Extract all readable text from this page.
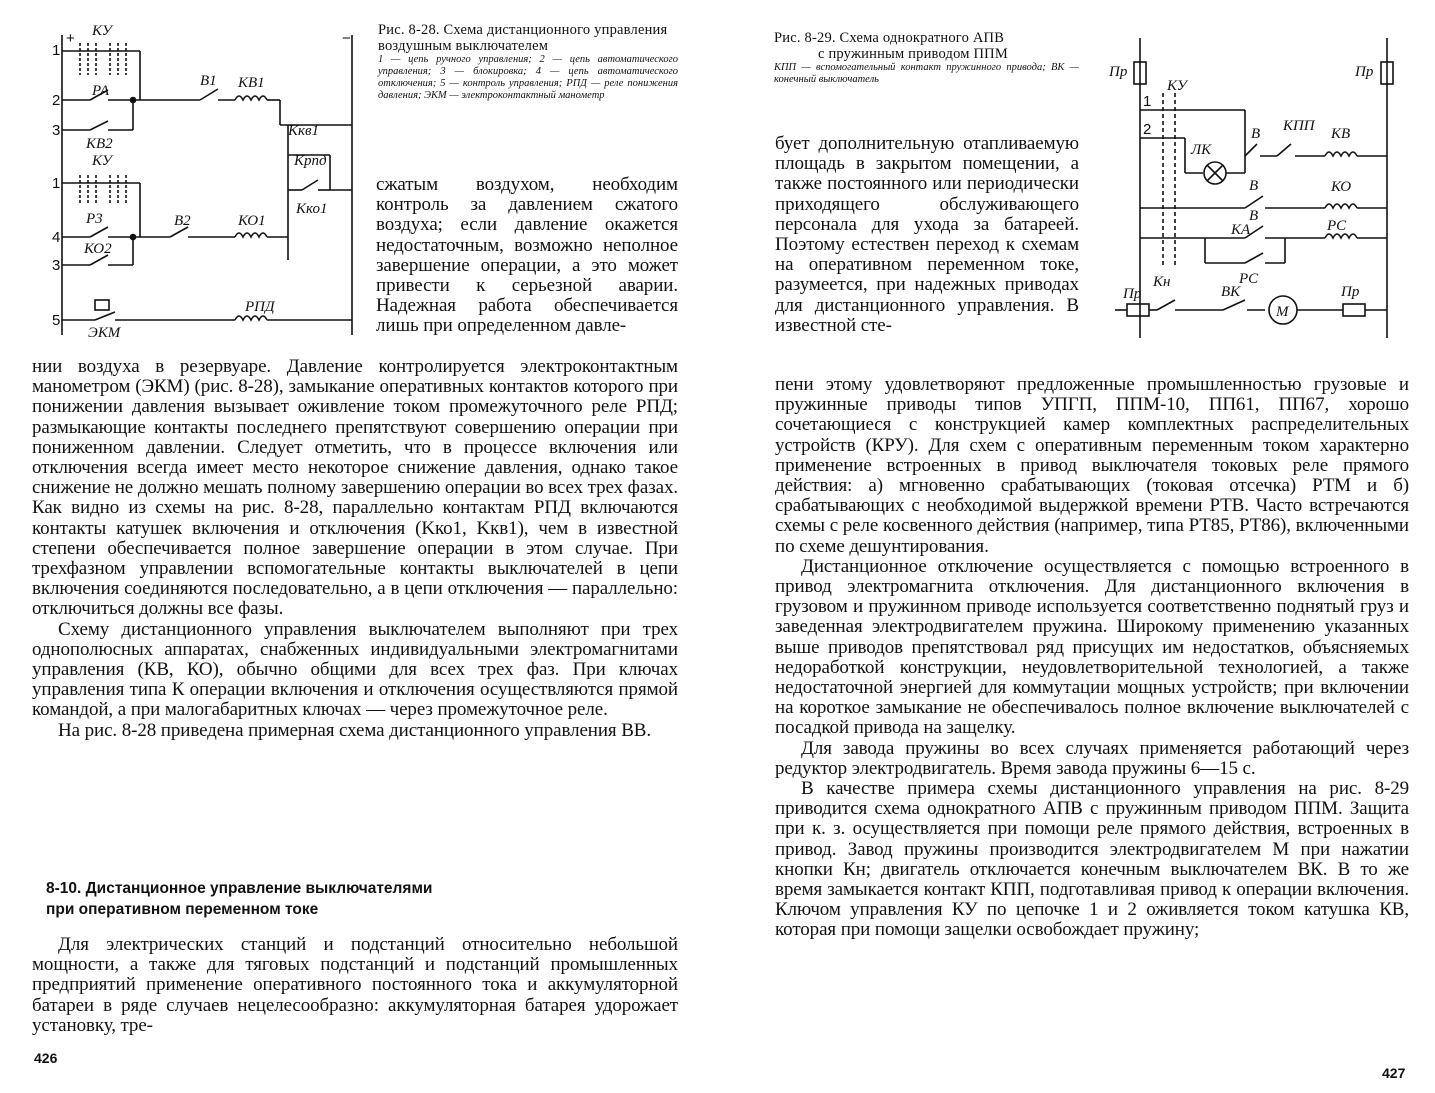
КУ
РА
КВ2
КУ
В1 КВ1
Kкв1
Kрпд
Kко1
Р3
КО2
В2	КО1
ЭКМ
РПД
1
+	−
2
3
1
4
3
5
Рис. 8-28. Схема дистанционного управления воздушным выключателем
1 — цепь ручного управления; 2 — цепь автоматического управления; 3 — блокировка; 4 — цепь автоматического отключения; 5 — контроль управления; РПД — реле понижения давления; ЭКМ — электроконтактный манометр

сжатым воздухом, необходим контроль за давлением сжатого воздуха; если давление окажется недостаточным, возможно неполное завершение операции, а это может привести к серьезной аварии. Надежная работа обеспечивается лишь при определенном давле-

нии воздуха в резервуаре. Давление контролируется электроконтактным манометром (ЭКМ) (рис. 8-28), замыкание оперативных контактов которого при понижении давления вызывает оживление током промежуточного реле РПД; размыкающие контакты последнего препятствуют совершению операции при пониженном давлении. Следует отметить, что в процессе включения или отключения всегда имеет место некоторое снижение давления, однако такое снижение не должно мешать полному завершению операции во всех трех фазах. Как видно из схемы на рис. 8-28, параллельно контактам РПД включаются контакты катушек включения и отключения (Kко1, Kкв1), чем в известной степени обеспечивается полное завершение операции в этом случае. При трехфазном управлении вспомогательные контакты выключателей в цепи включения соединяются последовательно, а в цепи отключения — параллельно: отключиться должны все фазы.

Схему дистанционного управления выключателем выполняют при трех однополюсных аппаратах, снабженных индивидуальными электромагнитами управления (КВ, КО), обычно общими для всех трех фаз. При ключах управления типа К операции включения и отключения осуществляются прямой командой, а при малогабаритных ключах — через промежуточное реле.

На рис. 8-28 приведена примерная схема дистанционного управления ВВ.

8-10. Дистанционное управление выключателями
при оперативном переменном токе

Для электрических станций и подстанций относительно небольшой мощности, а также для тяговых подстанций и подстанций промышленных предприятий применение оперативного постоянного тока и аккумуляторной батареи в ряде случаев нецелесообразно: аккумуляторная батарея удорожает установку, тре-

426
Рис. 8-29. Схема однократного АПВ
с пружинным приводом ППМ
КПП — вспомогательный контакт пружинного привода; ВК — конечный выключатель	Пр	Пр
КУ
1
2	В КПП КВ
ЛК
В	КО
В
КА	РС
РС
Пр
Кн
ВК
М
Пр

бует дополнительную отапливаемую площадь в закрытом помещении, а также постоянного или периодически приходящего обслуживающего персонала для ухода за батареей. Поэтому естествен переход к схемам на оперативном переменном токе, разумеется, при надежных приводах для дистанционного управления. В известной сте-

пени этому удовлетворяют предложенные промышленностью грузовые и пружинные приводы типов УПГП, ППМ-10, ПП61, ПП67, хорошо сочетающиеся с конструкцией камер комплектных распределительных устройств (КРУ). Для схем с оперативным переменным током характерно применение встроенных в привод выключателя токовых реле прямого действия: а) мгновенно срабатывающих (токовая отсечка) РТМ и б) срабатывающих с необходимой выдержкой времени РТВ. Часто встречаются схемы с реле косвенного действия (например, типа РТ85, РТ86), включенными по схеме дешунтирования.

Дистанционное отключение осуществляется с помощью встроенного в привод электромагнита отключения. Для дистанционного включения в грузовом и пружинном приводе используется соответственно поднятый груз и заведенная электродвигателем пружина. Широкому применению указанных выше приводов препятствовал ряд присущих им недостатков, объясняемых недоработкой конструкции, неудовлетворительной технологией, а также недостаточной энергией для коммутации мощных устройств; при включении на короткое замыкание не обеспечивалось полное включение выключателей с посадкой привода на защелку.

Для завода пружины во всех случаях применяется работающий через редуктор электродвигатель. Время завода пружины 6—15 с.

В качестве примера схемы дистанционного управления на рис. 8-29 приводится схема однократного АПВ с пружинным приводом ППМ. Защита при к. з. осуществляется при помощи реле прямого действия, встроенных в привод. Завод пружины производится электродвигателем М при нажатии кнопки Кн; двигатель отключается конечным выключателем ВК. В то же время замыкается контакт КПП, подготавливая привод к операции включения. Ключом управления КУ по цепочке 1 и 2 оживляется током катушка КВ, которая при помощи защелки освобождает пружину;

427
